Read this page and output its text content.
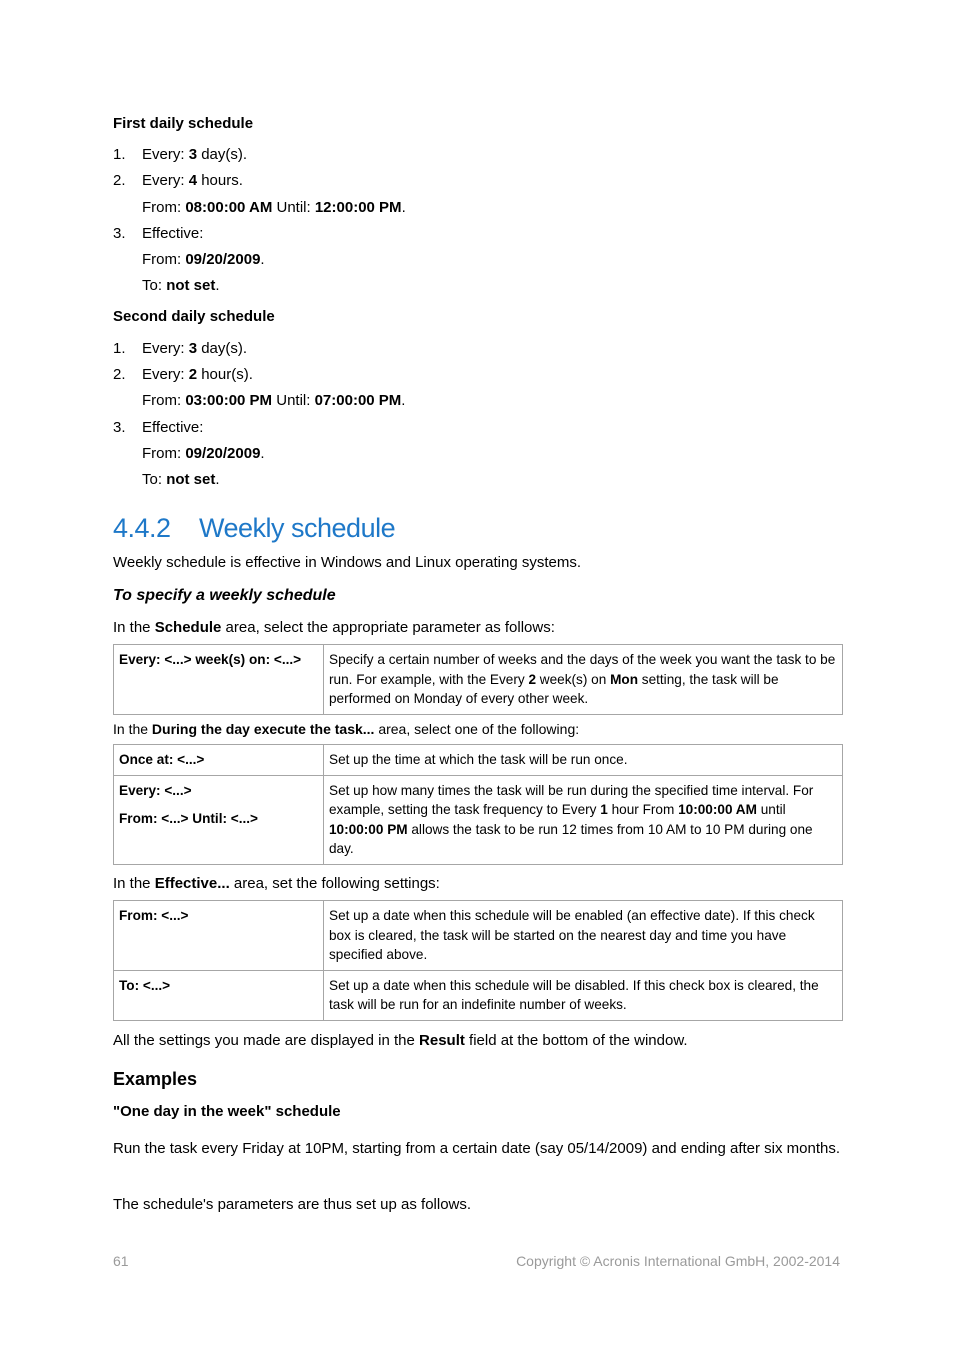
First daily schedule
1. Every: 3 day(s).
2. Every: 4 hours.
From: 08:00:00 AM Until: 12:00:00 PM.
3. Effective:
From: 09/20/2009.
To: not set.
Second daily schedule
1. Every: 3 day(s).
2. Every: 2 hour(s).
From: 03:00:00 PM Until: 07:00:00 PM.
3. Effective:
From: 09/20/2009.
To: not set.
4.4.2 Weekly schedule
Weekly schedule is effective in Windows and Linux operating systems.
To specify a weekly schedule
In the Schedule area, select the appropriate parameter as follows:
Every: <...> week(s) on: <...>	Specify a certain number of weeks and the days of the week you want the task to be run. For example, with the Every 2 week(s) on Mon setting, the task will be performed on Monday of every other week.
In the During the day execute the task... area, select one of the following:
Once at: <...>	Set up the time at which the task will be run once.

Every: <...>
From: <...> Until: <...>	Set up how many times the task will be run during the specified time interval. For example, setting the task frequency to Every 1 hour From 10:00:00 AM until 10:00:00 PM allows the task to be run 12 times from 10 AM to 10 PM during one day.
In the Effective... area, set the following settings:
From: <...>	Set up a date when this schedule will be enabled (an effective date). If this check box is cleared, the task will be started on the nearest day and time you have specified above.
To: <...>	Set up a date when this schedule will be disabled. If this check box is cleared, the task will be run for an indefinite number of weeks.
All the settings you made are displayed in the Result field at the bottom of the window.
Examples
"One day in the week" schedule
Run the task every Friday at 10PM, starting from a certain date (say 05/14/2009) and ending after six months.
The schedule's parameters are thus set up as follows.
61	Copyright © Acronis International GmbH, 2002-2014
